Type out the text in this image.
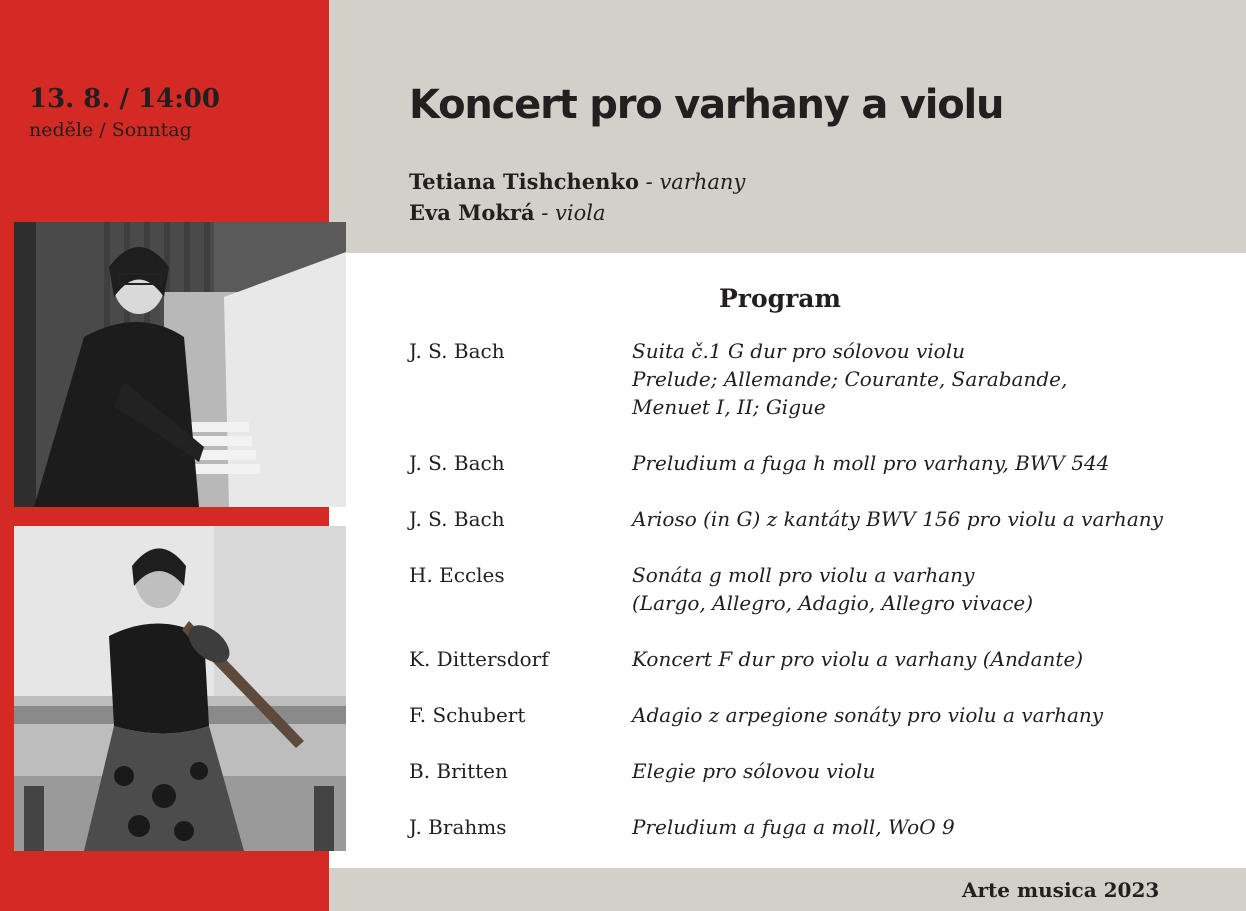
13. 8. / 14:00
neděle / Sonntag
Koncert pro varhany a violu
Tetiana Tishchenko - varhany
Eva Mokrá - viola
Program
J. S. Bach	Suita č.1 G dur pro sólovou violu
Prelude; Allemande; Courante, Sarabande,
Menuet I, II; Gigue
J. S. Bach	Preludium a fuga h moll pro varhany, BWV 544
J. S. Bach	Arioso (in G) z kantáty BWV 156 pro violu a varhany
H. Eccles	Sonáta g moll pro violu a varhany
(Largo, Allegro, Adagio, Allegro vivace)
K. Dittersdorf	Koncert F dur pro violu a varhany (Andante)
F. Schubert	Adagio z arpegione sonáty pro violu a varhany
B. Britten	Elegie pro sólovou violu
J. Brahms	Preludium a fuga a moll, WoO 9
Arte musica 2023
